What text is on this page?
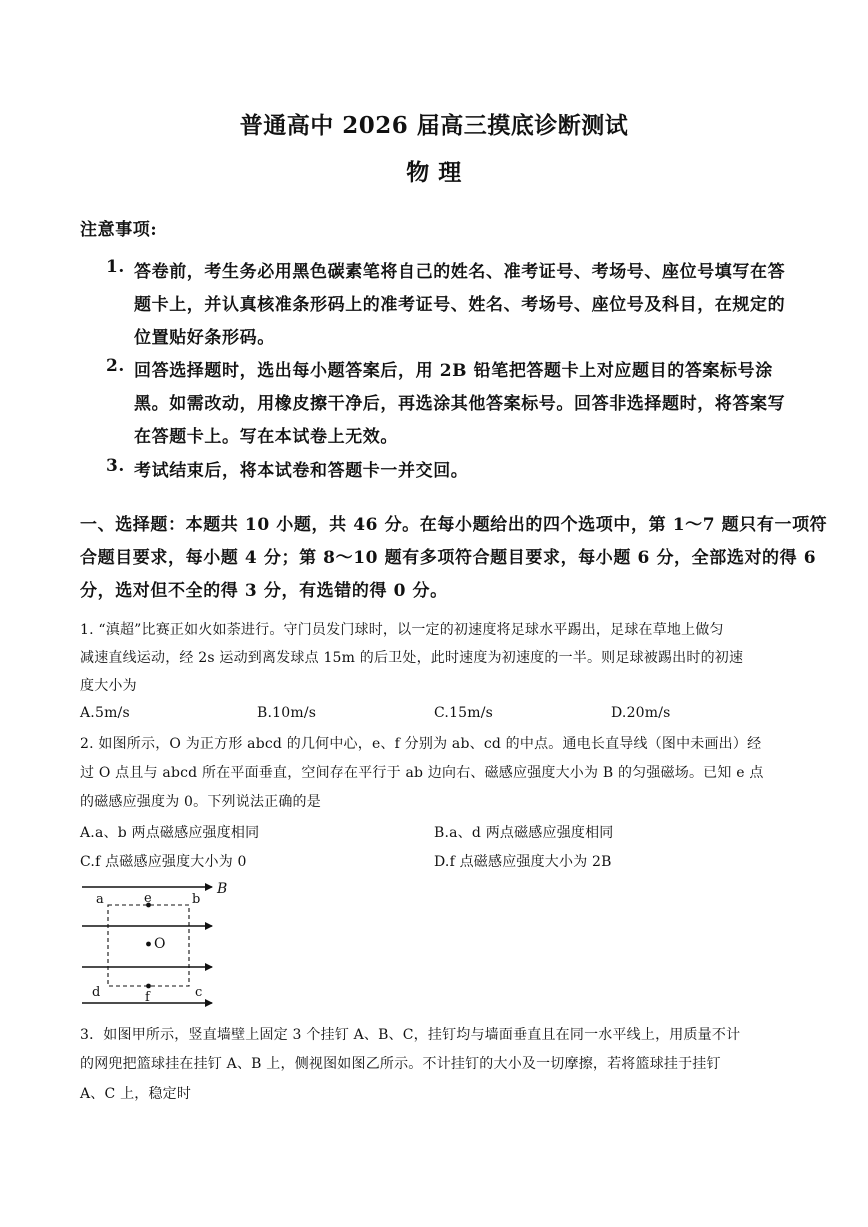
普通高中 2026 届高三摸底诊断测试
物 理
注意事项:
1. 答卷前，考生务必用黑色碳素笔将自己的姓名、准考证号、考场号、座位号填写在答
题卡上，并认真核准条形码上的准考证号、姓名、考场号、座位号及科目，在规定的
位置贴好条形码。
2. 回答选择题时，选出每小题答案后，用 2B 铅笔把答题卡上对应题目的答案标号涂
黑。如需改动，用橡皮擦干净后，再选涂其他答案标号。回答非选择题时，将答案写
在答题卡上。写在本试卷上无效。
3. 考试结束后，将本试卷和答题卡一并交回。
一、选择题：本题共 10 小题，共 46 分。在每小题给出的四个选项中，第 1～7 题只有一项符
合题目要求，每小题 4 分；第 8～10 题有多项符合题目要求，每小题 6 分，全部选对的得 6
分，选对但不全的得 3 分，有选错的得 0 分。
1. “滇超”比赛正如火如荼进行。守门员发门球时，以一定的初速度将足球水平踢出，足球在草地上做匀
减速直线运动，经 2s 运动到离发球点 15m 的后卫处，此时速度为初速度的一半。则足球被踢出时的初速
度大小为
A.5m/s	B.10m/s	C.15m/s	D.20m/s
2. 如图所示，O 为正方形 abcd 的几何中心，e、f 分别为 ab、cd 的中点。通电长直导线（图中未画出）经
过 O 点且与 abcd 所在平面垂直，空间存在平行于 ab 边向右、磁感应强度大小为 B 的匀强磁场。已知 e 点
的磁感应强度为 0。下列说法正确的是
A.a、b 两点磁感应强度相同	B.a、d 两点磁感应强度相同
C.f 点磁感应强度大小为 0	D.f 点磁感应强度大小为 2B
a	e	b
B
O
d	c
f
3．如图甲所示，竖直墙壁上固定 3 个挂钉 A、B、C，挂钉均与墙面垂直且在同一水平线上，用质量不计
的网兜把篮球挂在挂钉 A、B 上，侧视图如图乙所示。不计挂钉的大小及一切摩擦，若将篮球挂于挂钉
A、C 上，稳定时
